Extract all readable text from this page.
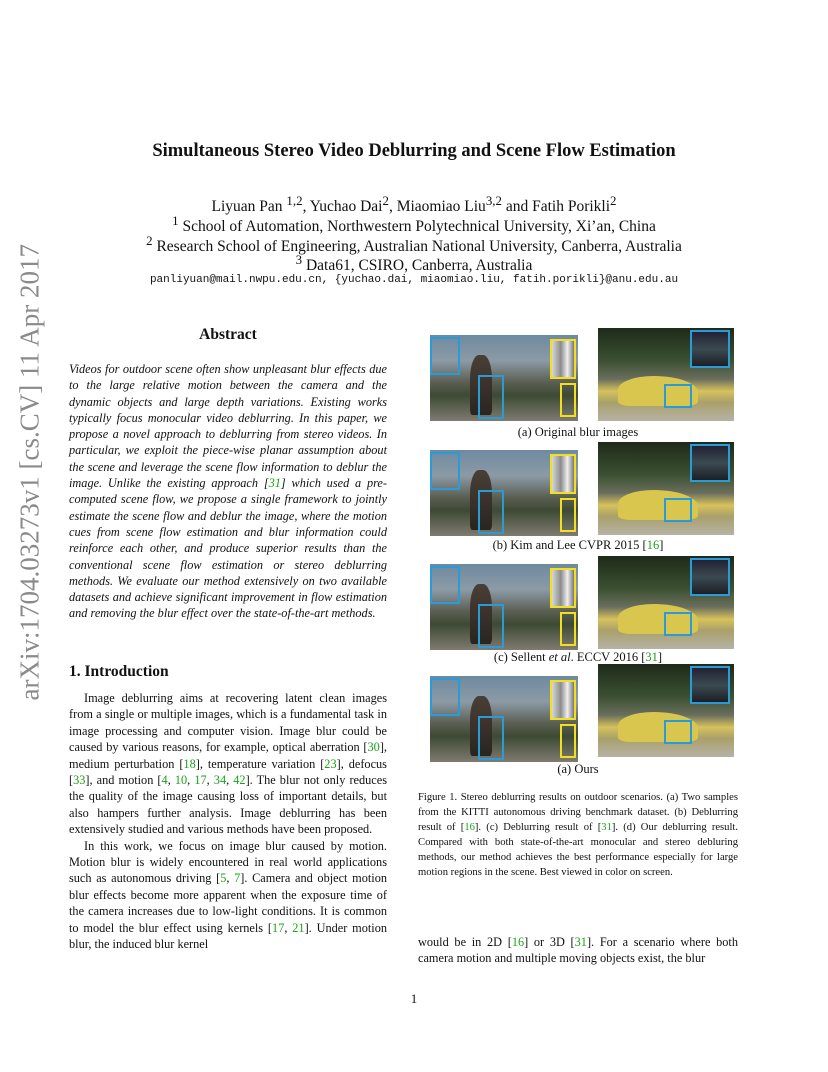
arXiv:1704.03273v1 [cs.CV] 11 Apr 2017
Simultaneous Stereo Video Deblurring and Scene Flow Estimation
Liyuan Pan $^{1,2}$, Yuchao Dai$^2$, Miaomiao Liu$^{3,2}$ and Fatih Porikli$^2$
$^1$ School of Automation, Northwestern Polytechnical University, Xi’an, China
$^2$ Research School of Engineering, Australian National University, Canberra, Australia
$^3$ Data61, CSIRO, Canberra, Australia
panliyuan@mail.nwpu.edu.cn, {yuchao.dai, miaomiao.liu, fatih.porikli}@anu.edu.au
Abstract
Videos for outdoor scene often show unpleasant blur effects due to the large relative motion between the camera and the dynamic objects and large depth variations. Existing works typically focus monocular video deblurring. In this paper, we propose a novel approach to deblurring from stereo videos. In particular, we exploit the piece-wise planar assumption about the scene and leverage the scene flow information to deblur the image. Unlike the existing approach [31] which used a pre-computed scene flow, we propose a single framework to jointly estimate the scene flow and deblur the image, where the motion cues from scene flow estimation and blur information could reinforce each other, and produce superior results than the conventional scene flow estimation or stereo deblurring methods. We evaluate our method extensively on two available datasets and achieve significant improvement in flow estimation and removing the blur effect over the state-of-the-art methods.
1. Introduction

Image deblurring aims at recovering latent clean images from a single or multiple images, which is a fundamental task in image processing and computer vision. Image blur could be caused by various reasons, for example, optical aberration [30], medium perturbation [18], temperature variation [23], defocus [33], and motion [4, 10, 17, 34, 42]. The blur not only reduces the quality of the image causing loss of important details, but also hampers further analysis. Image deblurring has been extensively studied and various methods have been proposed.

In this work, we focus on image blur caused by motion. Motion blur is widely encountered in real world applications such as autonomous driving [5, 7]. Camera and object motion blur effects become more apparent when the exposure time of the camera increases due to low-light conditions. It is common to model the blur effect using kernels [17, 21]. Under motion blur, the induced blur kernel

(a) Original blur images
(b) Kim and Lee CVPR 2015 [16]
(c) Sellent et al. ECCV 2016 [31]
(a) Ours
Figure 1. Stereo deblurring results on outdoor scenarios. (a) Two samples from the KITTI autonomous driving benchmark dataset. (b) Deblurring result of [16]. (c) Deblurring result of [31]. (d) Our deblurring result. Compared with both state-of-the-art monocular and stereo debluring methods, our method achieves the best performance especially for large motion regions in the scene. Best viewed in color on screen.
would be in 2D [16] or 3D [31]. For a scenario where both camera motion and multiple moving objects exist, the blur
1
